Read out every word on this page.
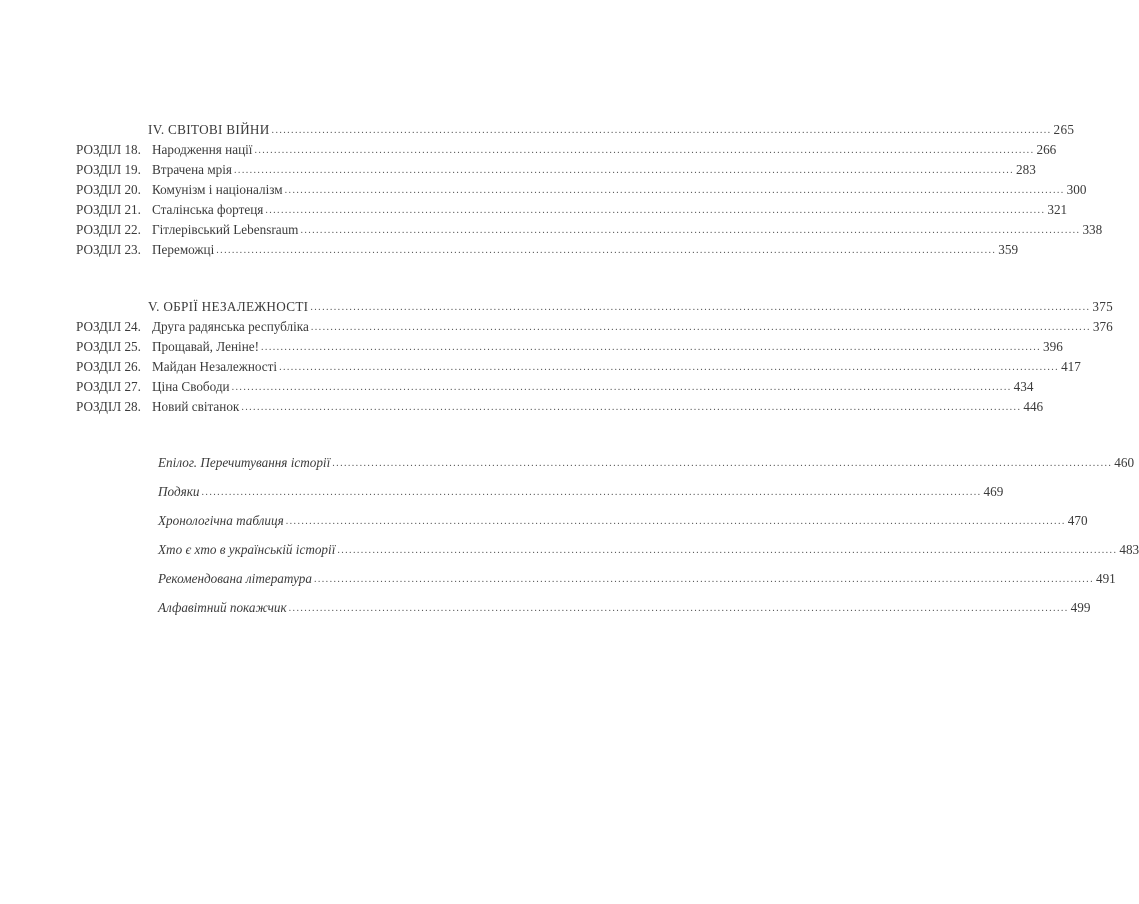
IV. СВІТОВІ ВІЙНИ ........................................................................................................................................................................................................ 265
РОЗДІЛ 18. Народження нації ........................................................................................................................................................................................................ 266
РОЗДІЛ 19. Втрачена мрія ........................................................................................................................................................................................................ 283
РОЗДІЛ 20. Комунізм і націоналізм ........................................................................................................................................................................................................ 300
РОЗДІЛ 21. Сталінська фортеця ........................................................................................................................................................................................................ 321
РОЗДІЛ 22. Гітлерівський Lebensraum ........................................................................................................................................................................................................ 338
РОЗДІЛ 23. Переможці ........................................................................................................................................................................................................ 359
V. ОБРІЇ НЕЗАЛЕЖНОСТІ ........................................................................................................................................................................................................ 375
РОЗДІЛ 24. Друга радянська республіка ........................................................................................................................................................................................................ 376
РОЗДІЛ 25. Прощавай, Леніне! ........................................................................................................................................................................................................ 396
РОЗДІЛ 26. Майдан Незалежності ........................................................................................................................................................................................................ 417
РОЗДІЛ 27. Ціна Свободи ........................................................................................................................................................................................................ 434
РОЗДІЛ 28. Новий світанок ........................................................................................................................................................................................................ 446
Епілог. Перечитування історії ........................................................................................................................................................................................................ 460
Подяки ........................................................................................................................................................................................................ 469
Хронологічна таблиця ........................................................................................................................................................................................................ 470
Хто є хто в українській історії ........................................................................................................................................................................................................ 483
Рекомендована література ........................................................................................................................................................................................................ 491
Алфавітний покажчик ........................................................................................................................................................................................................ 499
